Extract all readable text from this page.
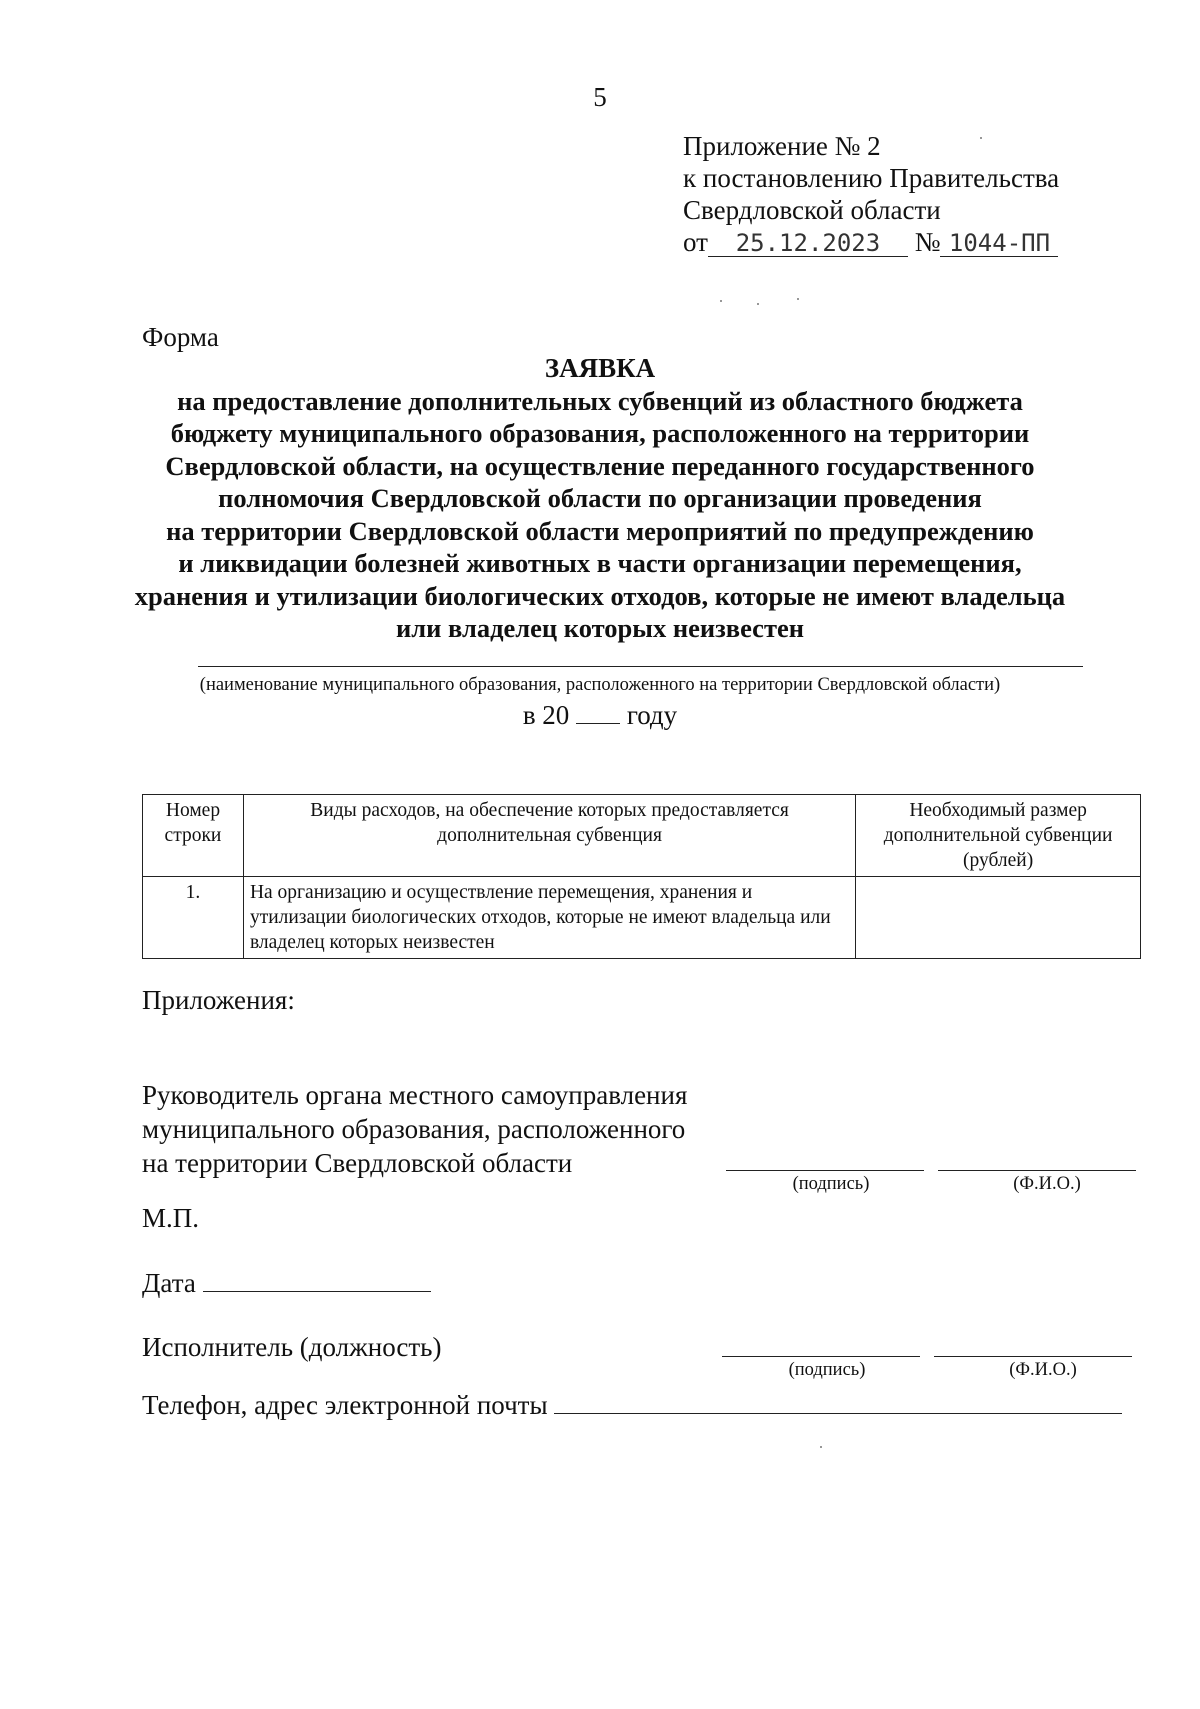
5
Приложение № 2
к постановлению Правительства
Свердловской области
от 25.12.2023 № 1044-ПП
Форма
ЗАЯВКА
на предоставление дополнительных субвенций из областного бюджета
бюджету муниципального образования, расположенного на территории
Свердловской области, на осуществление переданного государственного
полномочия Свердловской области по организации проведения
на территории Свердловской области мероприятий по предупреждению
и ликвидации болезней животных в части организации перемещения,
хранения и утилизации биологических отходов, которые не имеют владельца
или владелец которых неизвестен
(наименование муниципального образования, расположенного на территории Свердловской области)
в 20 году
Номер строки	Виды расходов, на обеспечение которых предоставляется дополнительная субвенция	Необходимый размер дополнительной субвенции (рублей)
1.	На организацию и осуществление перемещения, хранения и утилизации биологических отходов, которые не имеют владельца или владелец которых неизвестен	
Приложения:
Руководитель органа местного самоуправления
муниципального образования, расположенного
на территории Свердловской области
(подпись)	(Ф.И.О.)
М.П.
Дата
Исполнитель (должность)
(подпись)	(Ф.И.О.)
Телефон, адрес электронной почты
